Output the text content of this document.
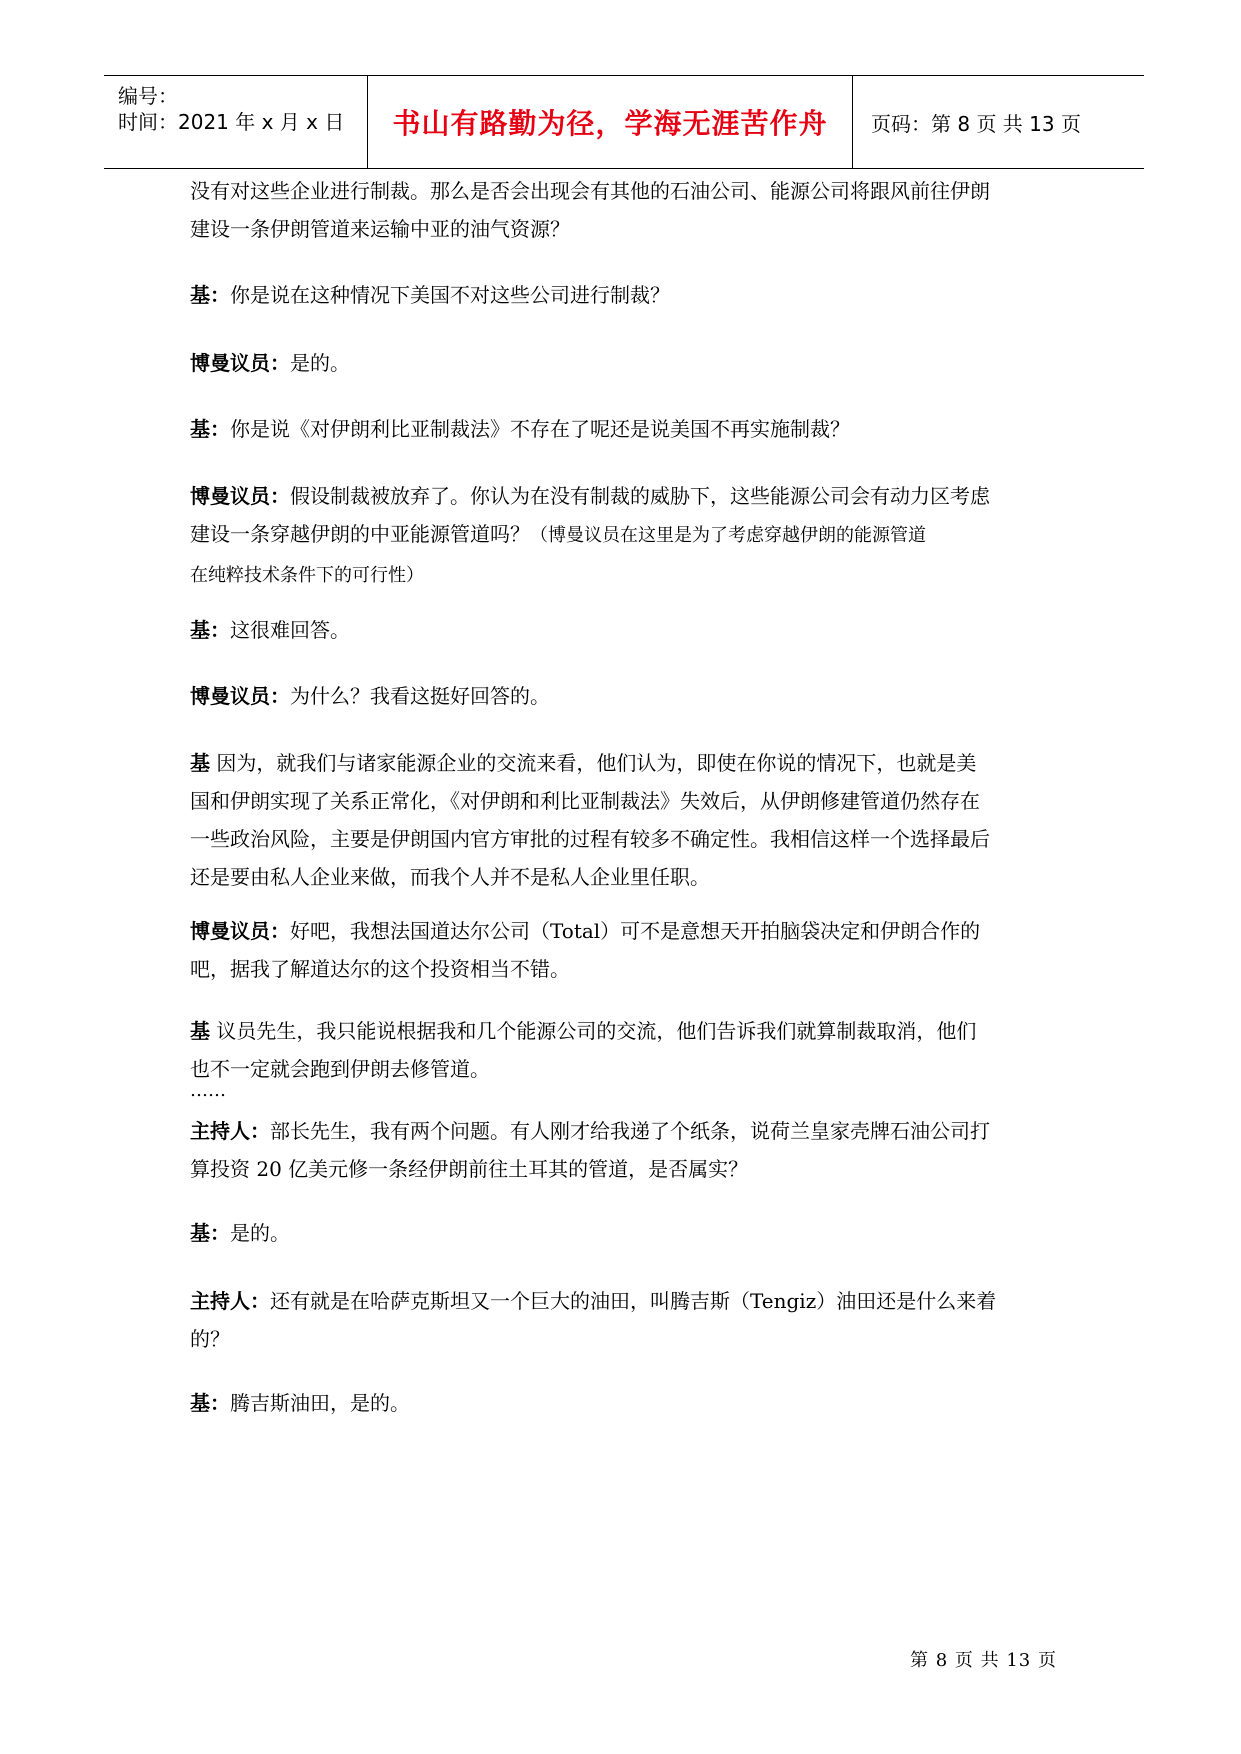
编号：
时间：2021 年 x 月 x 日 书山有路勤为径，学海无涯苦作舟 页码：第 8 页 共 13 页
没有对这些企业进行制裁。那么是否会出现会有其他的石油公司、能源公司将跟风前往伊朗
建设一条伊朗管道来运输中亚的油气资源？
基：你是说在这种情况下美国不对这些公司进行制裁？
博曼议员：是的。
基：你是说《对伊朗利比亚制裁法》不存在了呢还是说美国不再实施制裁？
博曼议员：假设制裁被放弃了。你认为在没有制裁的威胁下，这些能源公司会有动力区考虑
建设一条穿越伊朗的中亚能源管道吗？（博曼议员在这里是为了考虑穿越伊朗的能源管道
在纯粹技术条件下的可行性）
基：这很难回答。
博曼议员：为什么？我看这挺好回答的。
基 因为，就我们与诸家能源企业的交流来看，他们认为，即使在你说的情况下，也就是美
国和伊朗实现了关系正常化，《对伊朗和利比亚制裁法》失效后，从伊朗修建管道仍然存在
一些政治风险，主要是伊朗国内官方审批的过程有较多不确定性。我相信这样一个选择最后
还是要由私人企业来做，而我个人并不是私人企业里任职。
博曼议员：好吧，我想法国道达尔公司（Total）可不是意想天开拍脑袋决定和伊朗合作的
吧，据我了解道达尔的这个投资相当不错。
基 议员先生，我只能说根据我和几个能源公司的交流，他们告诉我们就算制裁取消，他们
也不一定就会跑到伊朗去修管道。
……
主持人：部长先生，我有两个问题。有人刚才给我递了个纸条，说荷兰皇家壳牌石油公司打
算投资 20 亿美元修一条经伊朗前往土耳其的管道，是否属实？
基：是的。
主持人：还有就是在哈萨克斯坦又一个巨大的油田，叫腾吉斯（Tengiz）油田还是什么来着
的？
基：腾吉斯油田，是的。
第 8 页 共 13 页
